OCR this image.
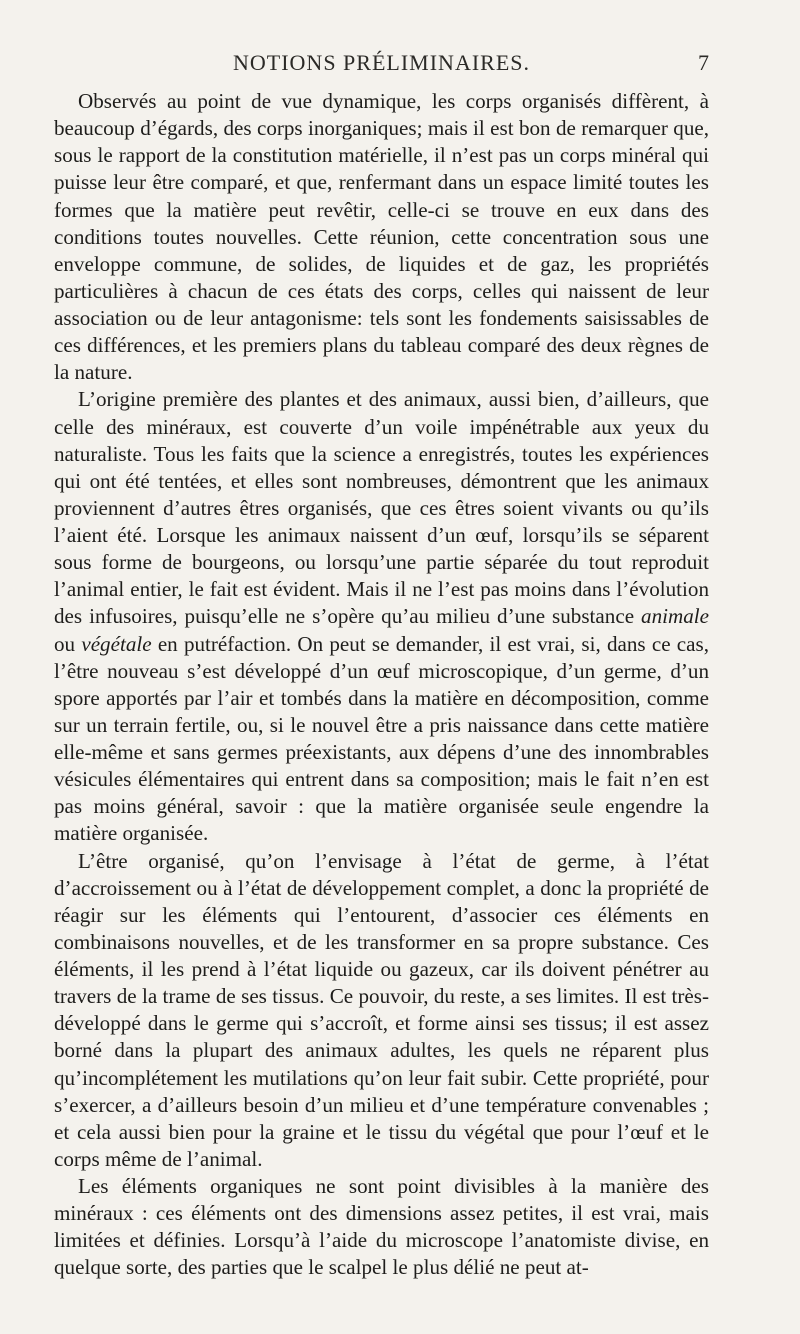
NOTIONS PRÉLIMINAIRES.	7

Observés au point de vue dynamique, les corps organisés diffèrent, à beaucoup d’égards, des corps inorganiques; mais il est bon de remarquer que, sous le rapport de la constitution matérielle, il n’est pas un corps minéral qui puisse leur être comparé, et que, renfermant dans un espace limité toutes les formes que la matière peut revêtir, celle-ci se trouve en eux dans des conditions toutes nouvelles. Cette réunion, cette concentration sous une enveloppe commune, de solides, de liquides et de gaz, les propriétés particulières à chacun de ces états des corps, celles qui naissent de leur association ou de leur antagonisme: tels sont les fondements saisissables de ces différences, et les premiers plans du tableau comparé des deux règnes de la nature.

L’origine première des plantes et des animaux, aussi bien, d’ailleurs, que celle des minéraux, est couverte d’un voile impénétrable aux yeux du naturaliste. Tous les faits que la science a enregistrés, toutes les expériences qui ont été tentées, et elles sont nombreuses, démontrent que les animaux proviennent d’autres êtres organisés, que ces êtres soient vivants ou qu’ils l’aient été. Lorsque les animaux naissent d’un œuf, lorsqu’ils se séparent sous forme de bourgeons, ou lorsqu’une partie séparée du tout reproduit l’animal entier, le fait est évident. Mais il ne l’est pas moins dans l’évolution des infusoires, puisqu’elle ne s’opère qu’au milieu d’une substance animale ou végétale en putréfaction. On peut se demander, il est vrai, si, dans ce cas, l’être nouveau s’est développé d’un œuf microscopique, d’un germe, d’un spore apportés par l’air et tombés dans la matière en décomposition, comme sur un terrain fertile, ou, si le nouvel être a pris naissance dans cette matière elle-même et sans germes préexistants, aux dépens d’une des innombrables vésicules élémentaires qui entrent dans sa composition; mais le fait n’en est pas moins général, savoir : que la matière organisée seule engendre la matière organisée.

L’être organisé, qu’on l’envisage à l’état de germe, à l’état d’accroissement ou à l’état de développement complet, a donc la propriété de réagir sur les éléments qui l’entourent, d’associer ces éléments en combinaisons nouvelles, et de les transformer en sa propre substance. Ces éléments, il les prend à l’état liquide ou gazeux, car ils doivent pénétrer au travers de la trame de ses tissus. Ce pouvoir, du reste, a ses limites. Il est très-développé dans le germe qui s’accroît, et forme ainsi ses tissus; il est assez borné dans la plupart des animaux adultes, les quels ne réparent plus qu’incomplétement les mutilations qu’on leur fait subir. Cette propriété, pour s’exercer, a d’ailleurs besoin d’un milieu et d’une température convenables ; et cela aussi bien pour la graine et le tissu du végétal que pour l’œuf et le corps même de l’animal.

Les éléments organiques ne sont point divisibles à la manière des minéraux : ces éléments ont des dimensions assez petites, il est vrai, mais limitées et définies. Lorsqu’à l’aide du microscope l’anatomiste divise, en quelque sorte, des parties que le scalpel le plus délié ne peut at-
